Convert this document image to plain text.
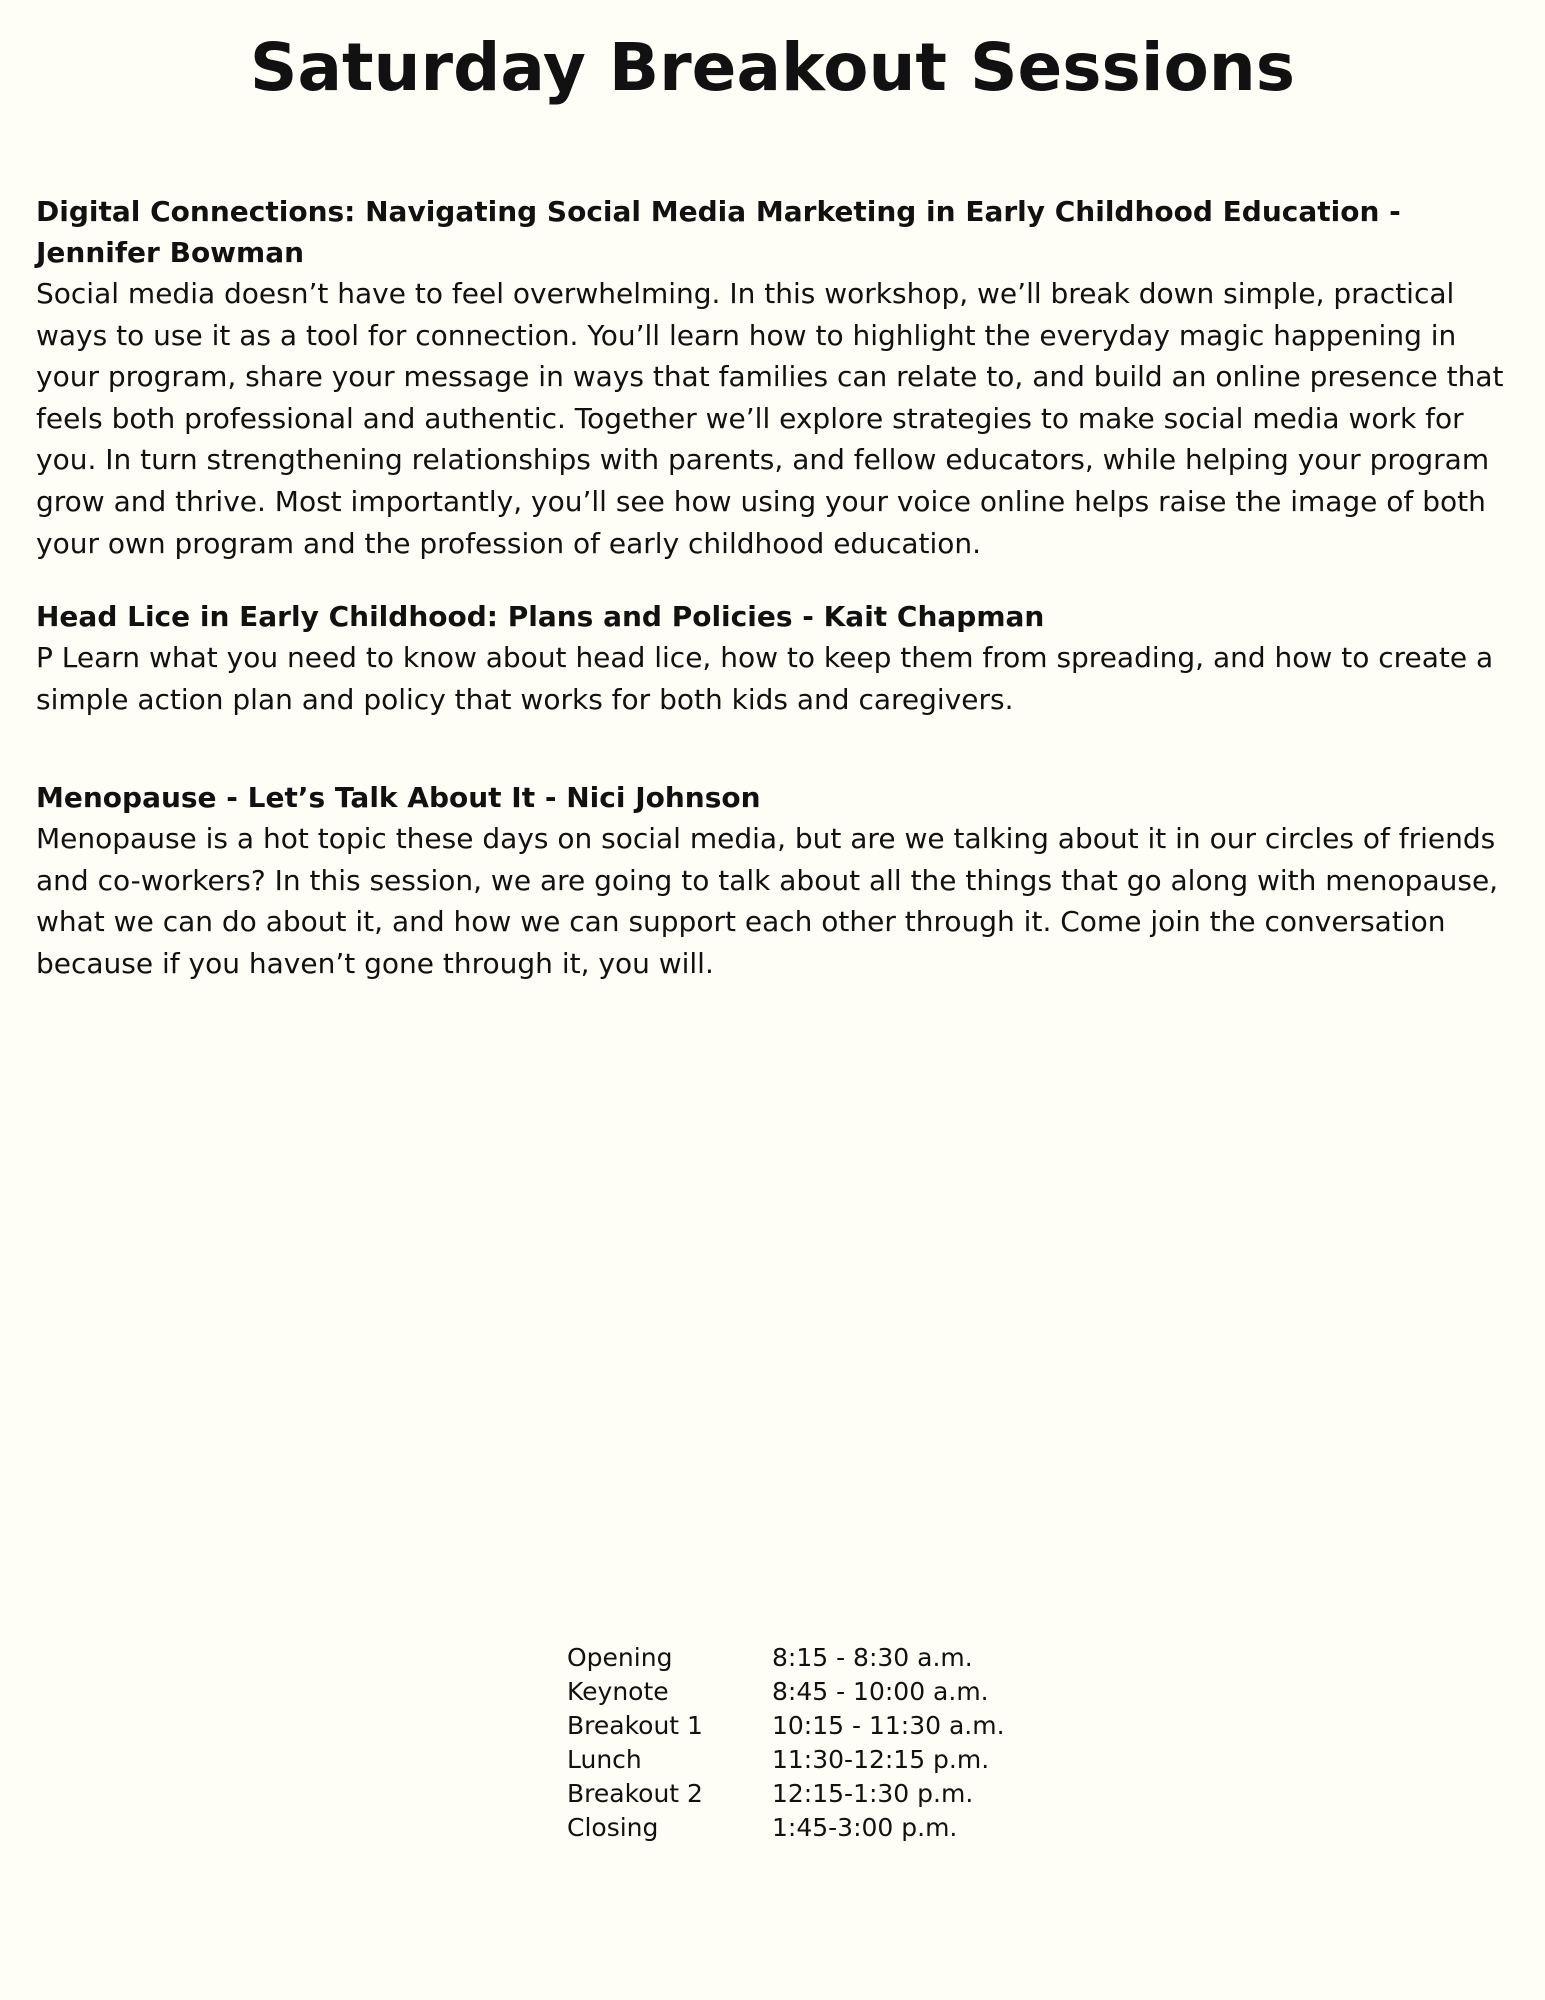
Saturday Breakout Sessions
Digital Connections: Navigating Social Media Marketing in Early Childhood Education - Jennifer Bowman

Social media doesn’t have to feel overwhelming. In this workshop, we’ll break down simple, practical ways to use it as a tool for connection. You’ll learn how to highlight the everyday magic happening in your program, share your message in ways that families can relate to, and build an online presence that feels both professional and authentic. Together we’ll explore strategies to make social media work for you. In turn strengthening relationships with parents, and fellow educators, while helping your program grow and thrive. Most importantly, you’ll see how using your voice online helps raise the image of both your own program and the profession of early childhood education.

Head Lice in Early Childhood: Plans and Policies - Kait Chapman

P Learn what you need to know about head lice, how to keep them from spreading, and how to create a simple action plan and policy that works for both kids and caregivers.

Menopause - Let’s Talk About It - Nici Johnson

Menopause is a hot topic these days on social media, but are we talking about it in our circles of friends and co-workers? In this session, we are going to talk about all the things that go along with menopause, what we can do about it, and how we can support each other through it. Come join the conversation because if you haven’t gone through it, you will.

Opening	8:15 - 8:30 a.m.
Keynote	8:45 - 10:00 a.m.
Breakout 1	10:15 - 11:30 a.m.
Lunch	11:30-12:15 p.m.
Breakout 2	12:15-1:30 p.m.
Closing	1:45-3:00 p.m.
